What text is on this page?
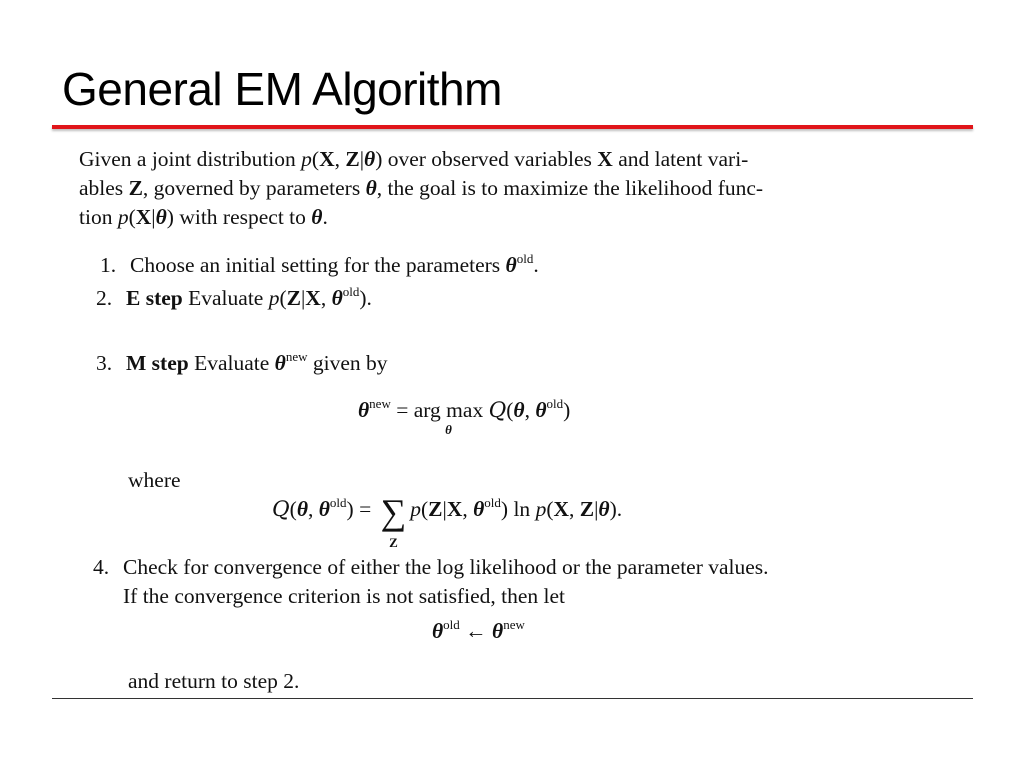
General EM Algorithm
Given a joint distribution p(X, Z|θ) over observed variables X and latent vari-
ables Z, governed by parameters θ, the goal is to maximize the likelihood func-
tion p(X|θ) with respect to θ.
1. Choose an initial setting for the parameters $\theta^{old}$.
2. E step Evaluate p(Z|X, $\theta^{old}$).
3. M step Evaluate $\theta^{new}$ given by
$\theta^{new}$ = arg max
θ
Q(θ, $\theta^{old}$)
where
Q(θ, $\theta^{old}$) = ∑
Z
p(Z|X, $\theta^{old}$) ln p(X, Z|θ).
4. Check for convergence of either the log likelihood or the parameter values.
If the convergence criterion is not satisfied, then let
$\theta^{old}$ ← $\theta^{new}$
and return to step 2.
